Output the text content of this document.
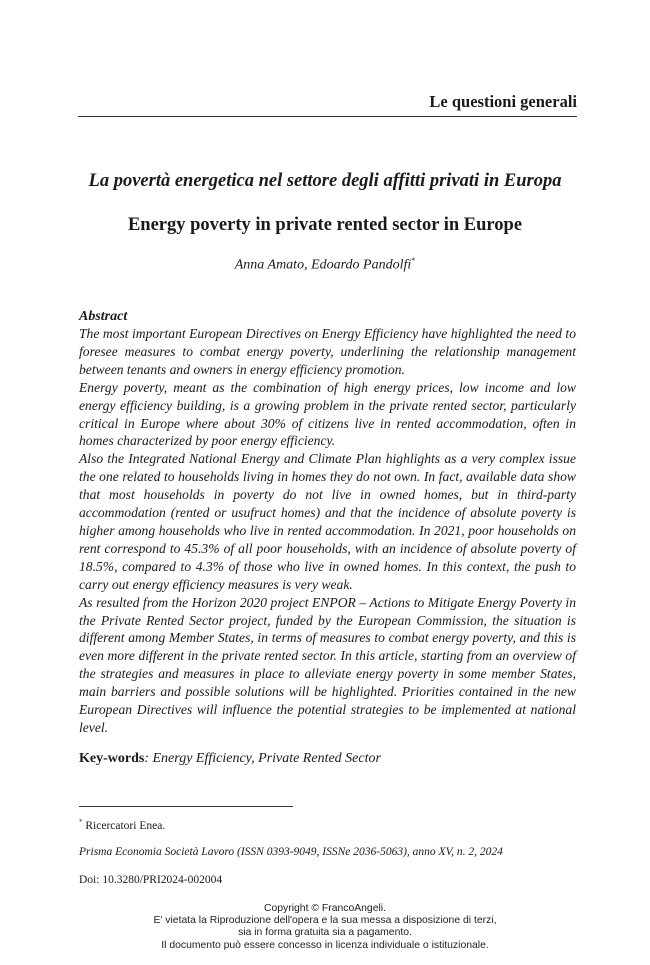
Le questioni generali
La povertà energetica nel settore degli affitti privati in Europa
Energy poverty in private rented sector in Europe
Anna Amato, Edoardo Pandolfi*
Abstract

The most important European Directives on Energy Efficiency have highlighted the need to foresee measures to combat energy poverty, underlining the relationship management between tenants and owners in energy efficiency promotion.

Energy poverty, meant as the combination of high energy prices, low income and low energy efficiency building, is a growing problem in the private rented sector, particularly critical in Europe where about 30% of citizens live in rented accommodation, often in homes characterized by poor energy efficiency.

Also the Integrated National Energy and Climate Plan highlights as a very complex issue the one related to households living in homes they do not own. In fact, available data show that most households in poverty do not live in owned homes, but in third-party accommodation (rented or usufruct homes) and that the incidence of absolute poverty is higher among households who live in rented accommodation. In 2021, poor households on rent correspond to 45.3% of all poor households, with an incidence of absolute poverty of 18.5%, compared to 4.3% of those who live in owned homes. In this context, the push to carry out energy efficiency measures is very weak.

As resulted from the Horizon 2020 project ENPOR – Actions to Mitigate Energy Poverty in the Private Rented Sector project, funded by the European Commission, the situation is different among Member States, in terms of measures to combat energy poverty, and this is even more different in the private rented sector. In this article, starting from an overview of the strategies and measures in place to alleviate energy poverty in some member States, main barriers and possible solutions will be highlighted. Priorities contained in the new European Directives will influence the potential strategies to be implemented at national level.

Key-words: Energy Efficiency, Private Rented Sector
* Ricercatori Enea.
Prisma Economia Società Lavoro (ISSN 0393-9049, ISSNe 2036-5063), anno XV, n. 2, 2024
Doi: 10.3280/PRI2024-002004
Copyright © FrancoAngeli.
E' vietata la Riproduzione dell'opera e la sua messa a disposizione di terzi,
sia in forma gratuita sia a pagamento.
Il documento può essere concesso in licenza individuale o istituzionale.
